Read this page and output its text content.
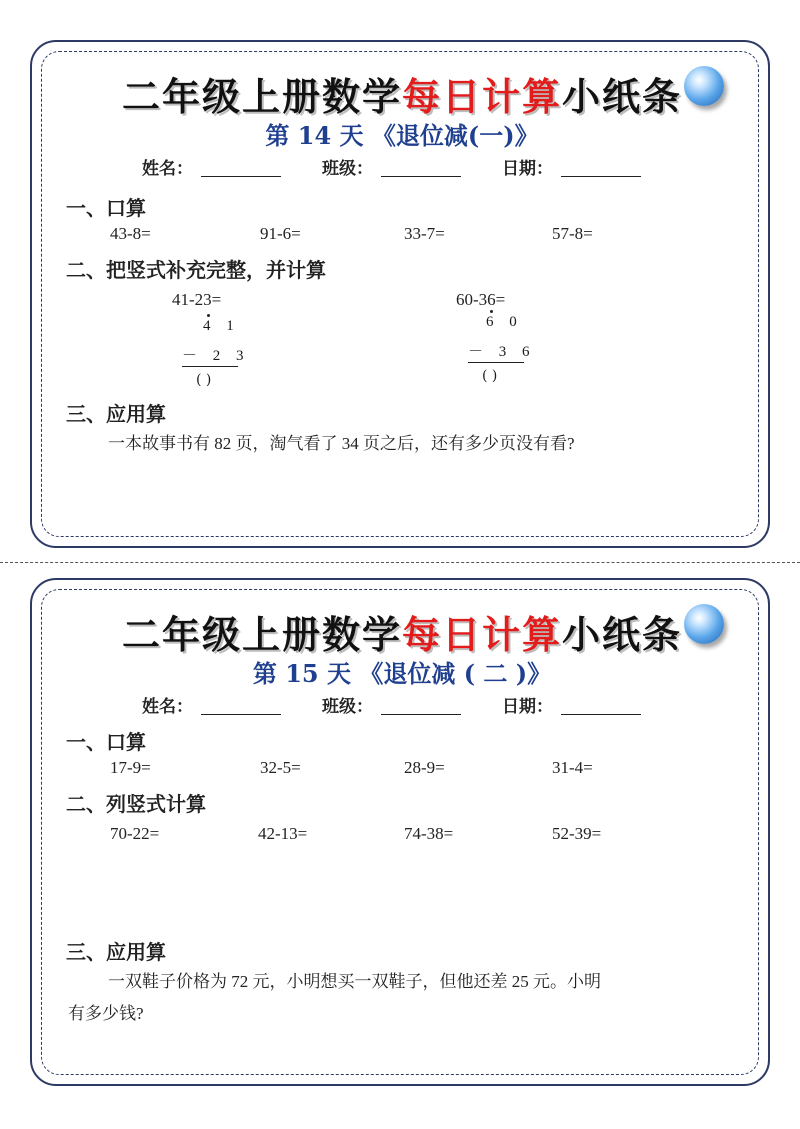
二年级上册数学每日计算小纸条
第 14 天 《退位减(一)》
姓名：	班级：	日期：
一、口算
43-8=	91-6=	33-7=	57-8=
二、把竖式补充完整，并计算
41-23=
4 1
－ 2 3
( )
60-36=
6 0
－ 3 6
( )
三、应用算
一本故事书有 82 页，淘气看了 34 页之后，还有多少页没有看?
二年级上册数学每日计算小纸条
第 15 天 《退位减 ( 二 )》
姓名：	班级：	日期：
一、口算
17-9=	32-5=	28-9=	31-4=
二、列竖式计算
70-22=	42-13=	74-38=	52-39=
三、应用算
一双鞋子价格为 72 元，小明想买一双鞋子，但他还差 25 元。小明
有多少钱?
